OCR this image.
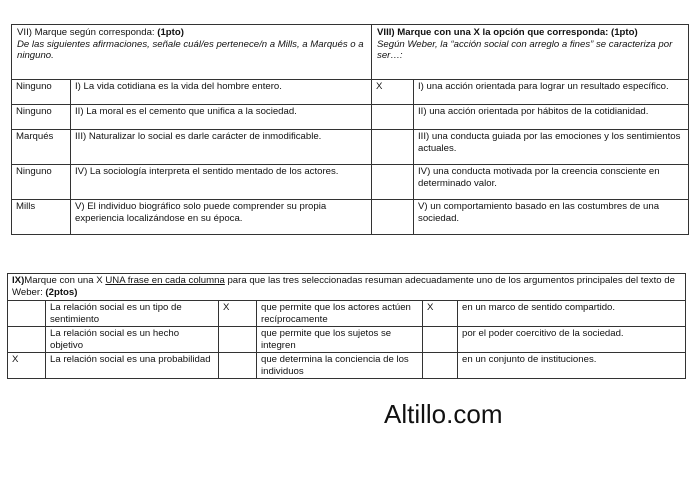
VII) Marque según corresponda: (1pto)
De las siguientes afirmaciones, señale cuál/es pertenece/n a Mills, a Marqués o a ninguno.		VIII) Marque con una X la opción que corresponda: (1pto)
Según Weber, la “acción social con arreglo a fines” se caracteriza por ser…:	
Ninguno	I) La vida cotidiana es la vida del hombre entero.	X	I) una acción orientada para lograr un resultado específico.
Ninguno	II) La moral es el cemento que unifica a la sociedad.		II) una acción orientada por hábitos de la cotidianidad.
Marqués	III) Naturalizar lo social es darle carácter de inmodificable.		III) una conducta guiada por las emociones y los sentimientos actuales.
Ninguno	IV) La sociología interpreta el sentido mentado de los actores.		IV) una conducta motivada por la creencia consciente en determinado valor.
Mills	V) El individuo biográfico solo puede comprender su propia experiencia localizándose en su época.		V) un comportamiento basado en las costumbres de una sociedad.
IX)Marque con una X UNA frase en cada columna para que las tres seleccionadas resuman adecuadamente uno de los argumentos principales del texto de Weber: (2ptos)					
	La relación social es un tipo de sentimiento	X	que permite que los actores actúen recíprocamente	X	en un marco de sentido compartido.
	La relación social es un hecho objetivo		que permite que los sujetos se integren		por el poder coercitivo de la sociedad.
X	La relación social es una probabilidad		que determina la conciencia de los individuos		en un conjunto de instituciones.
Altillo.com
